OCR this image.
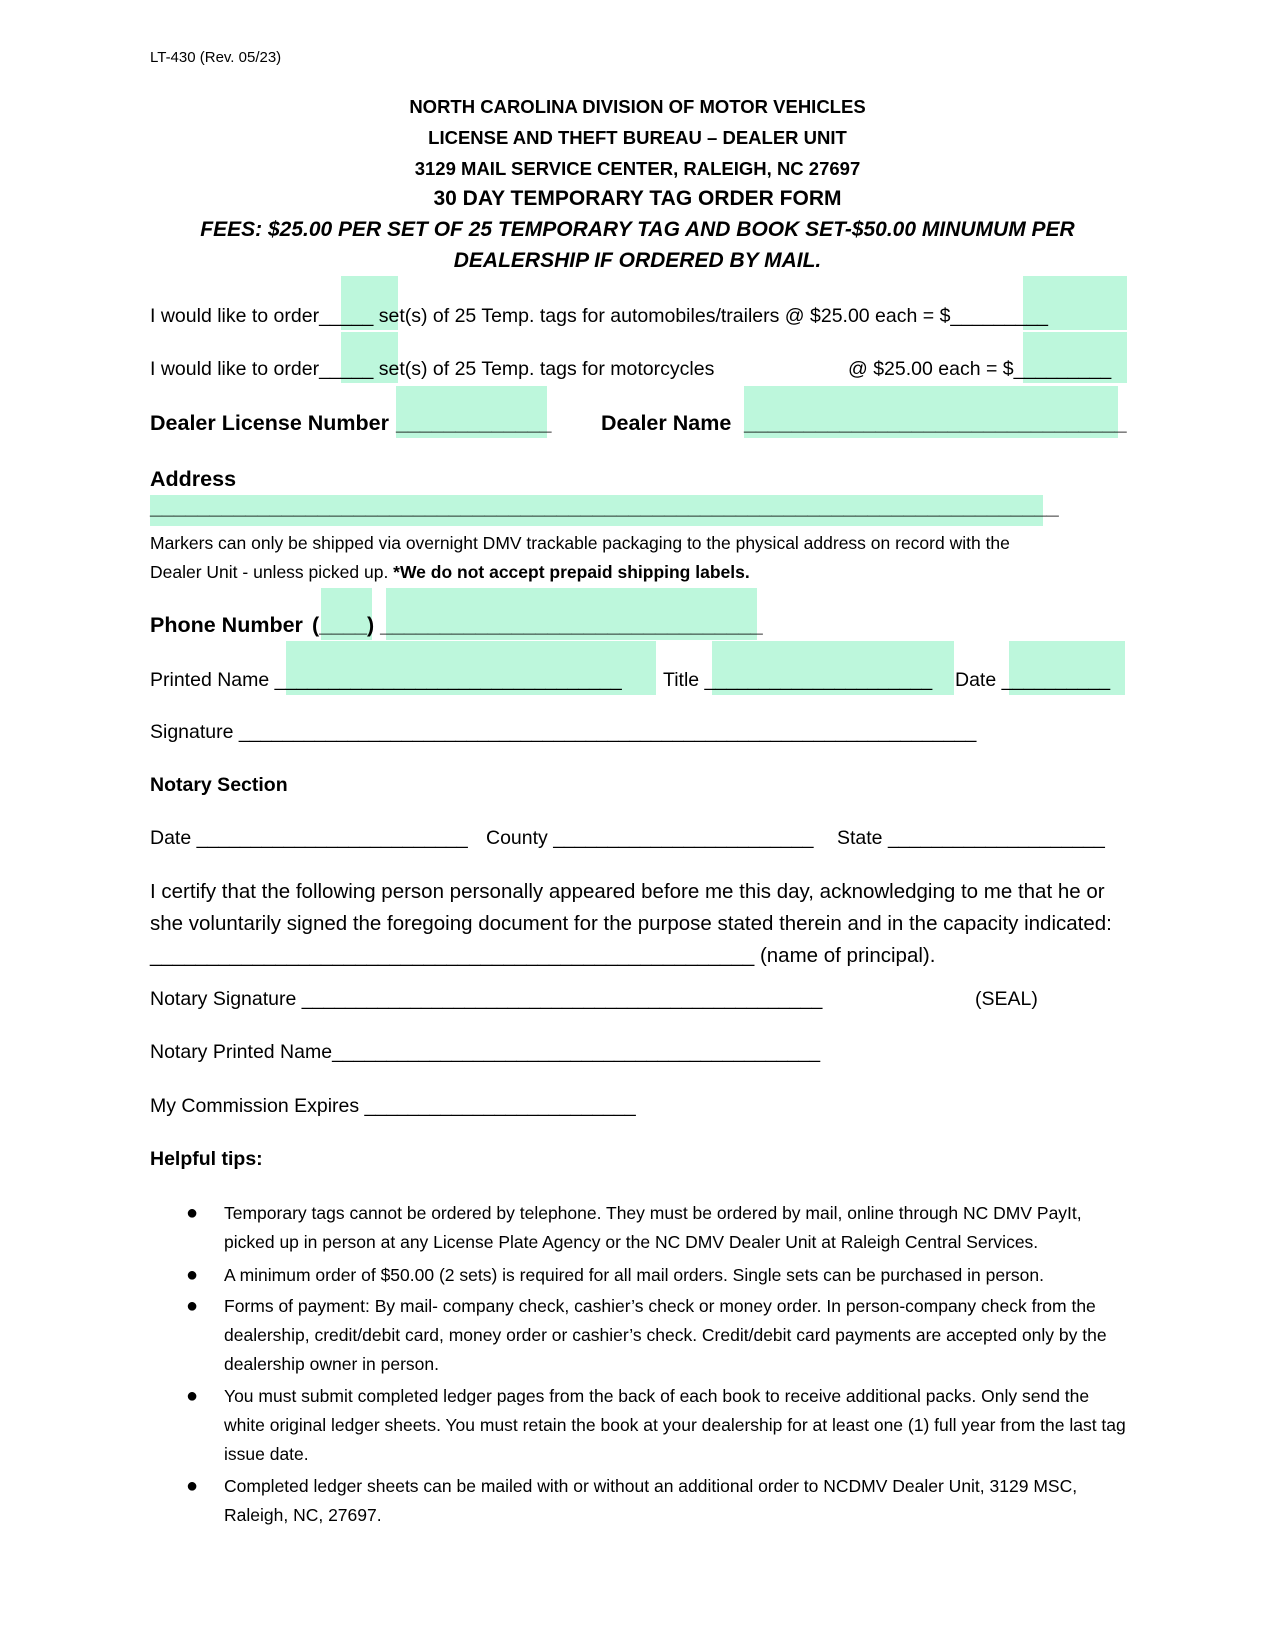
LT-430 (Rev. 05/23)
NORTH CAROLINA DIVISION OF MOTOR VEHICLES
LICENSE AND THEFT BUREAU – DEALER UNIT
3129 MAIL SERVICE CENTER, RALEIGH, NC 27697
30 DAY TEMPORARY TAG ORDER FORM
FEES: $25.00 PER SET OF 25 TEMPORARY TAG AND BOOK SET-$50.00 MINUMUM PER
DEALERSHIP IF ORDERED BY MAIL.
I would like to order_____ set(s) of 25 Temp. tags for automobiles/trailers @ $25.00 each = $_________
I would like to order_____ set(s) of 25 Temp. tags for motorcycles	@ $25.00 each = $_________
Dealer License Number _____________ Dealer Name ________________________________
Address
____________________________________________________________________________
Markers can only be shipped via overnight DMV trackable packaging to the physical address on record with the
Dealer Unit - unless picked up. *We do not accept prepaid shipping labels.
Phone Number (____) ________________________________
Printed Name ________________________________ Title _____________________ Date __________
Signature ____________________________________________________________________
Notary Section
Date _________________________ County ________________________ State ____________________
I certify that the following person personally appeared before me this day, acknowledging to me that he or she voluntarily signed the foregoing document for the purpose stated therein and in the capacity indicated: _____________________________________________________ (name of principal).
Notary Signature ________________________________________________	(SEAL)
Notary Printed Name_____________________________________________
My Commission Expires _________________________
Helpful tips:
● Temporary tags cannot be ordered by telephone. They must be ordered by mail, online through NC DMV PayIt, picked up in person at any License Plate Agency or the NC DMV Dealer Unit at Raleigh Central Services.
● A minimum order of $50.00 (2 sets) is required for all mail orders. Single sets can be purchased in person.
● Forms of payment: By mail- company check, cashier’s check or money order. In person-company check from the dealership, credit/debit card, money order or cashier’s check. Credit/debit card payments are accepted only by the dealership owner in person.
● You must submit completed ledger pages from the back of each book to receive additional packs. Only send the white original ledger sheets. You must retain the book at your dealership for at least one (1) full year from the last tag issue date.
● Completed ledger sheets can be mailed with or without an additional order to NCDMV Dealer Unit, 3129 MSC, Raleigh, NC, 27697.
